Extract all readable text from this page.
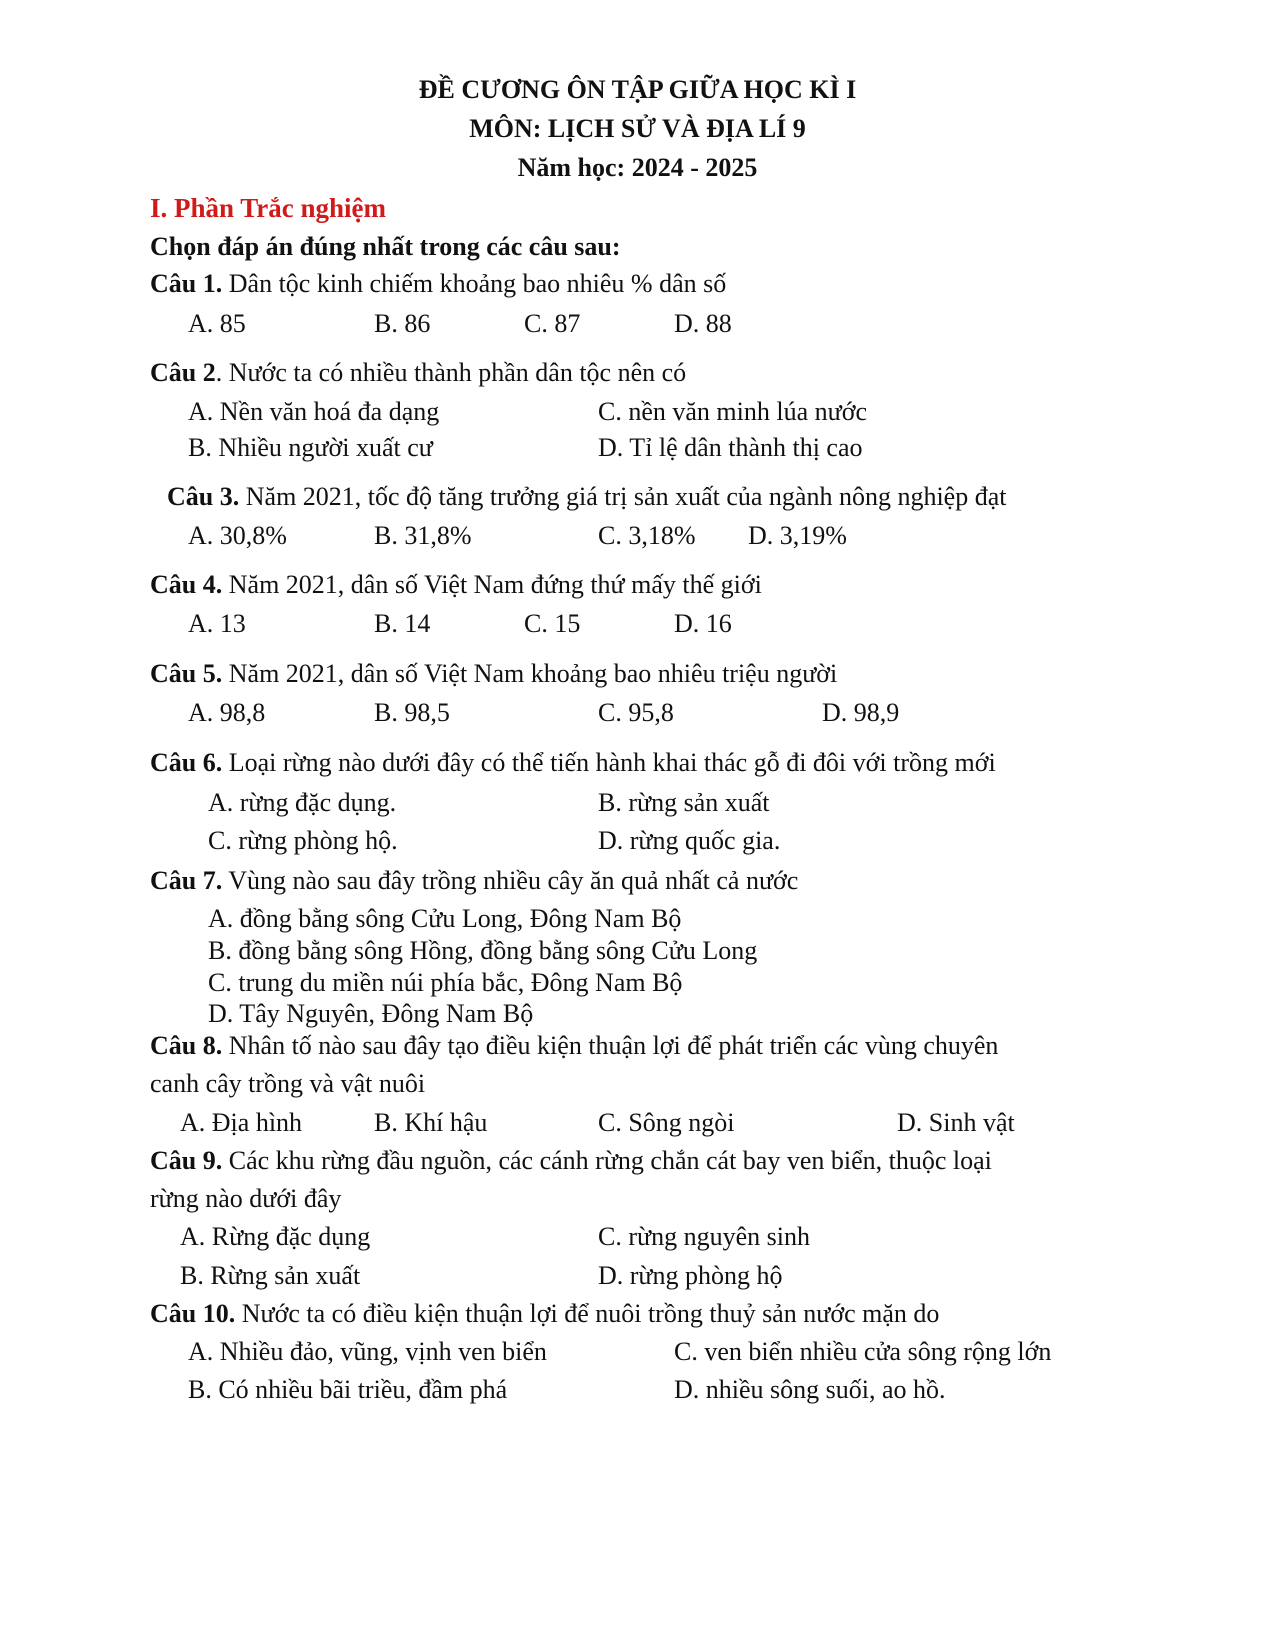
ĐỀ CƯƠNG ÔN TẬP GIỮA HỌC KÌ I
MÔN: LỊCH SỬ VÀ ĐỊA LÍ 9
Năm học: 2024 - 2025
I. Phần Trắc nghiệm
Chọn đáp án đúng nhất trong các câu sau:
Câu 1. Dân tộc kinh chiếm khoảng bao nhiêu % dân số
A. 85	B. 86	C. 87	D. 88
Câu 2. Nước ta có nhiều thành phần dân tộc nên có
A. Nền văn hoá đa dạng	C. nền văn minh lúa nước
B. Nhiều người xuất cư	D. Tỉ lệ dân thành thị cao
Câu 3. Năm 2021, tốc độ tăng trưởng giá trị sản xuất của ngành nông nghiệp đạt
A. 30,8%	B. 31,8%	C. 3,18% D. 3,19%
Câu 4. Năm 2021, dân số Việt Nam đứng thứ mấy thế giới
A. 13	B. 14	C. 15	D. 16
Câu 5. Năm 2021, dân số Việt Nam khoảng bao nhiêu triệu người
A. 98,8	B. 98,5	C. 95,8	D. 98,9
Câu 6. Loại rừng nào dưới đây có thể tiến hành khai thác gỗ đi đôi với trồng mới
A. rừng đặc dụng.	B. rừng sản xuất
C. rừng phòng hộ.	D. rừng quốc gia.
Câu 7. Vùng nào sau đây trồng nhiều cây ăn quả nhất cả nước
A. đồng bằng sông Cửu Long, Đông Nam Bộ
B. đồng bằng sông Hồng, đồng bằng sông Cửu Long
C. trung du miền núi phía bắc, Đông Nam Bộ
D. Tây Nguyên, Đông Nam Bộ
Câu 8. Nhân tố nào sau đây tạo điều kiện thuận lợi để phát triển các vùng chuyên
canh cây trồng và vật nuôi
A. Địa hình	B. Khí hậu	C. Sông ngòi	D. Sinh vật
Câu 9. Các khu rừng đầu nguồn, các cánh rừng chắn cát bay ven biển, thuộc loại
rừng nào dưới đây
A. Rừng đặc dụng	C. rừng nguyên sinh
B. Rừng sản xuất	D. rừng phòng hộ
Câu 10. Nước ta có điều kiện thuận lợi để nuôi trồng thuỷ sản nước mặn do
A. Nhiều đảo, vũng, vịnh ven biển	C. ven biển nhiều cửa sông rộng lớn
B. Có nhiều bãi triều, đầm phá	D. nhiều sông suối, ao hồ.
